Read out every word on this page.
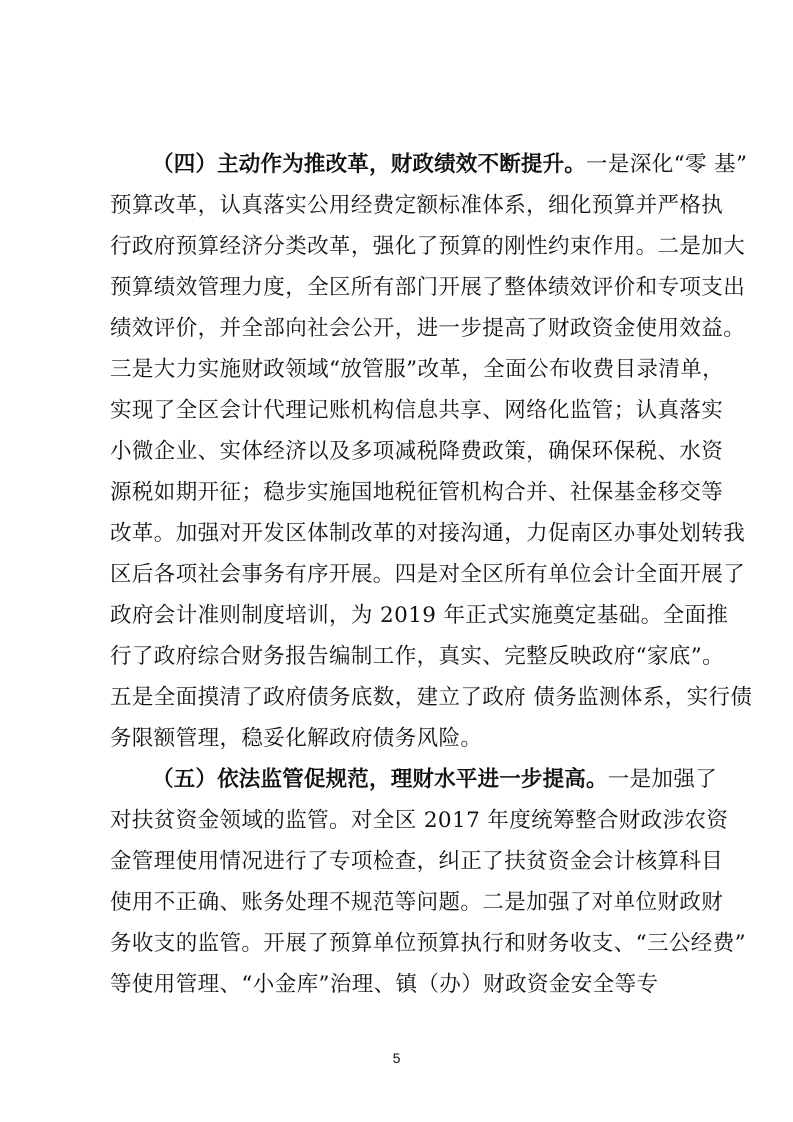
（四）主动作为推改革，财政绩效不断提升。一是深化“零 基”
预算改革，认真落实公用经费定额标准体系，细化预算并严格执
行政府预算经济分类改革，强化了预算的刚性约束作用。二是加大
预算绩效管理力度，全区所有部门开展了整体绩效评价和专项支出
绩效评价，并全部向社会公开，进一步提高了财政资金使用效益。
三是大力实施财政领域“放管服”改革，全面公布收费目录清单，
实现了全区会计代理记账机构信息共享、网络化监管；认真落实
小微企业、实体经济以及多项减税降费政策，确保环保税、水资
源税如期开征；稳步实施国地税征管机构合并、社保基金移交等
改革。加强对开发区体制改革的对接沟通，力促南区办事处划转我
区后各项社会事务有序开展。四是对全区所有单位会计全面开展了
政府会计准则制度培训，为 2019 年正式实施奠定基础。全面推
行了政府综合财务报告编制工作，真实、完整反映政府“家底”。
五是全面摸清了政府债务底数，建立了政府 债务监测体系，实行债
务限额管理，稳妥化解政府债务风险。
（五）依法监管促规范，理财水平进一步提高。一是加强了
对扶贫资金领域的监管。对全区 2017 年度统筹整合财政涉农资
金管理使用情况进行了专项检查，纠正了扶贫资金会计核算科目
使用不正确、账务处理不规范等问题。二是加强了对单位财政财
务收支的监管。开展了预算单位预算执行和财务收支、“三公经费”
等使用管理、“小金库”治理、镇（办）财政资金安全等专
5
